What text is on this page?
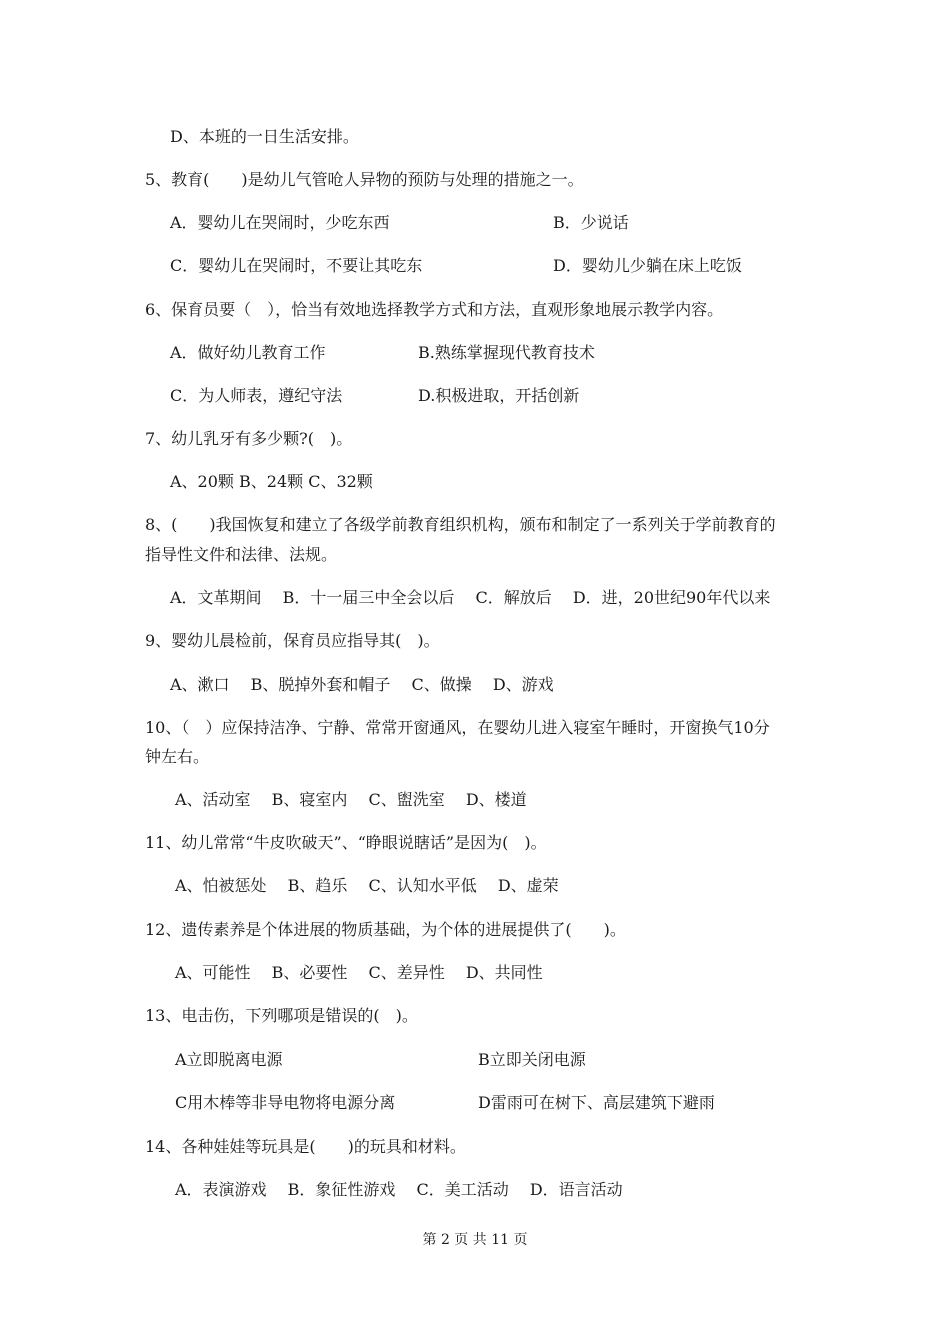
D、本班的一日生活安排。
5、教育(　　)是幼儿气管呛人异物的预防与处理的措施之一。
A．婴幼儿在哭闹时，少吃东西	B．少说话
C．婴幼儿在哭闹时，不要让其吃东	D．婴幼儿少躺在床上吃饭
6、保育员要（　），恰当有效地选择教学方式和方法，直观形象地展示教学内容。
A．做好幼儿教育工作	B.熟练掌握现代教育技术
C．为人师表，遵纪守法	D.积极进取，开括创新
7、幼儿乳牙有多少颗?(　)。
A、20颗 B、24颗 C、32颗
8、(　　)我国恢复和建立了各级学前教育组织机构，颁布和制定了一系列关于学前教育的
指导性文件和法律、法规。
A．文革期间　 B．十一届三中全会以后　 C．解放后　 D．进，20世纪90年代以来
9、婴幼儿晨检前，保育员应指导其(　)。
A、漱口　 B、脱掉外套和帽子　 C、做操　 D、游戏
10、（　）应保持洁净、宁静、常常开窗通风，在婴幼儿进入寝室午睡时，开窗换气10分
钟左右。
A、活动室　 B、寝室内　 C、盥洗室　 D、楼道
11、幼儿常常“牛皮吹破天”、“睁眼说瞎话”是因为(　)。
A、怕被惩处　 B、趋乐　 C、认知水平低　 D、虚荣
12、遗传素养是个体进展的物质基础，为个体的进展提供了(　　)。
A、可能性　 B、必要性　 C、差异性　 D、共同性
13、电击伤，下列哪项是错误的(　)。
A立即脱离电源	B立即关闭电源
C用木棒等非导电物将电源分离	D雷雨可在树下、高层建筑下避雨
14、各种娃娃等玩具是(　　)的玩具和材料。
A．表演游戏　 B．象征性游戏　 C．美工活动　 D．语言活动
第 2 页 共 11 页
